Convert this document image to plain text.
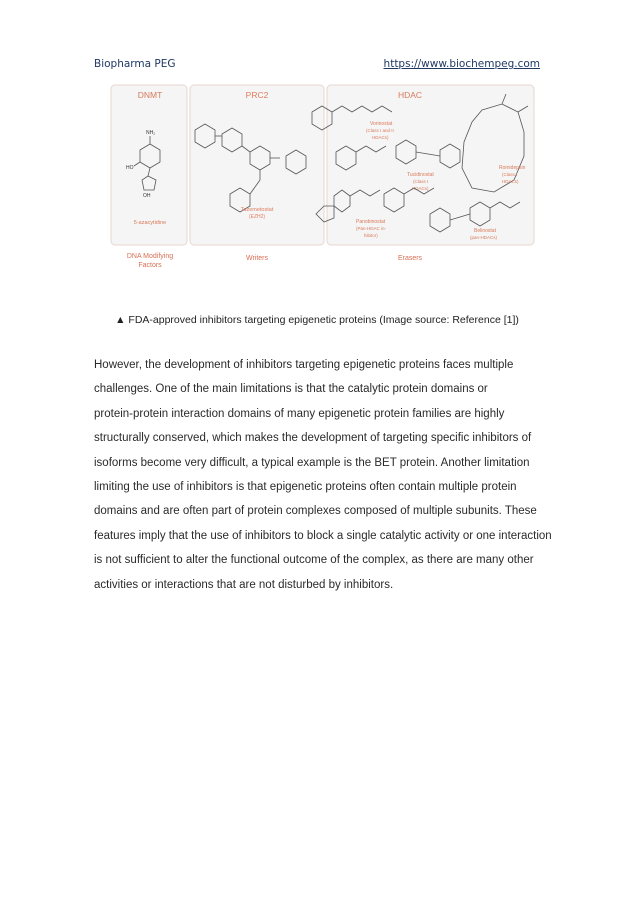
Biopharma PEG	https://www.biochempeg.com
DNMT	PRC2	HDAC
NH₂
HO
OH
5-azacytidine
Tazemetostat
(EZH2)
Vorinostat
(Class I and II
HDACs)
Tucidinostat
(Class I
HDACs)
Romidepsin
(Class I
HDACs)
Panobinostat
(Pan-HDAC in-
hibitor)
Belinostat
(pan-HDACs)
DNA Modifying
Factors
Writers	Erasers
▲ FDA-approved inhibitors targeting epigenetic proteins (Image source: Reference [1])

However, the development of inhibitors targeting epigenetic proteins faces multiple
challenges. One of the main limitations is that the catalytic protein domains or
protein-protein interaction domains of many epigenetic protein families are highly
structurally conserved, which makes the development of targeting specific inhibitors of
isoforms become very difficult, a typical example is the BET protein. Another limitation
limiting the use of inhibitors is that epigenetic proteins often contain multiple protein
domains and are often part of protein complexes composed of multiple subunits. These
features imply that the use of inhibitors to block a single catalytic activity or one interaction
is not sufficient to alter the functional outcome of the complex, as there are many other
activities or interactions that are not disturbed by inhibitors.
